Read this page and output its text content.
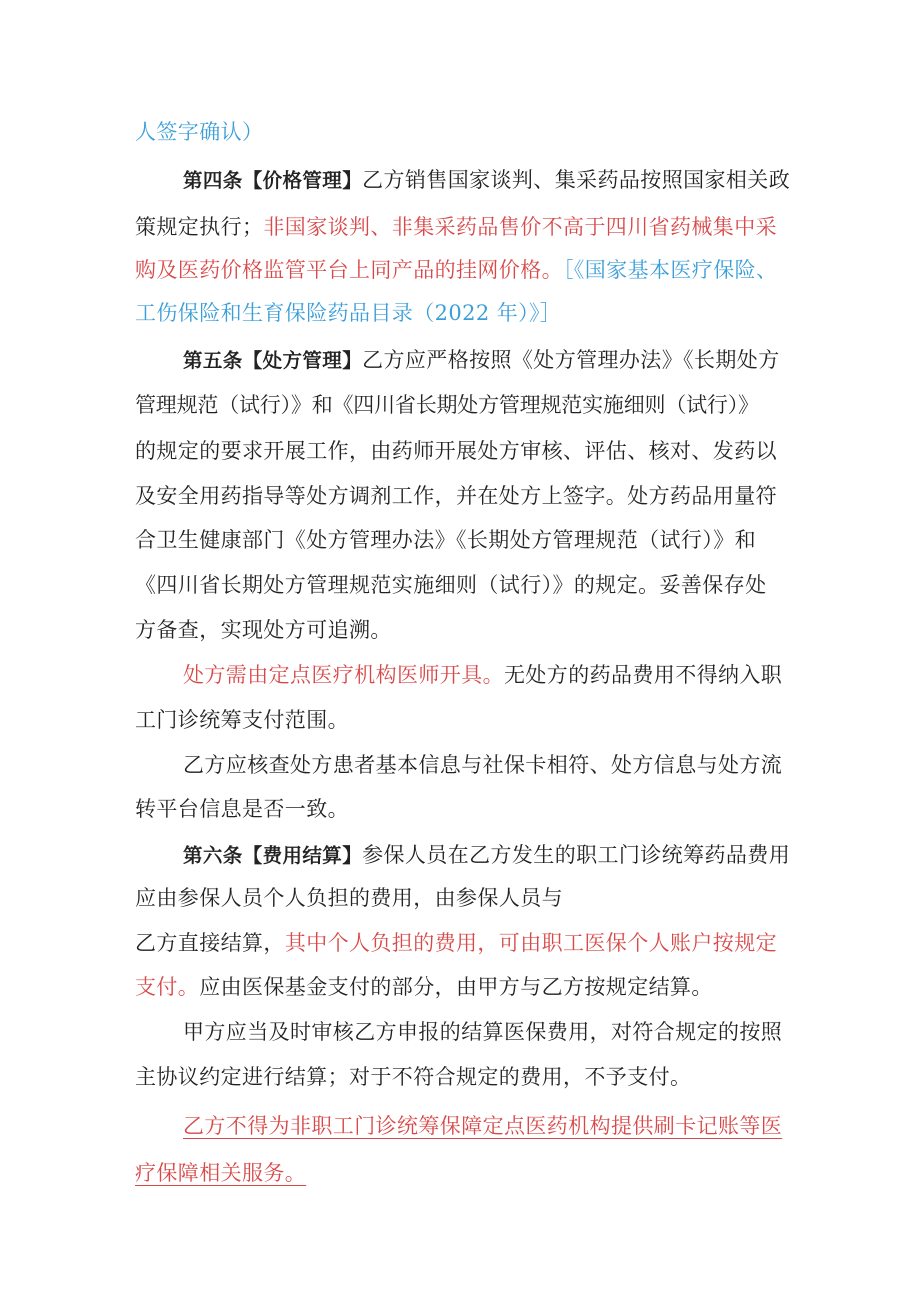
人签字确认）
第四条【价格管理】乙方销售国家谈判、集采药品按照国家相关政
策规定执行；非国家谈判、非集采药品售价不高于四川省药械集中采
购及医药价格监管平台上同产品的挂网价格。［《国家基本医疗保险、
工伤保险和生育保险药品目录（2022 年）》］
第五条【处方管理】乙方应严格按照《处方管理办法》《长期处方
管理规范（试行）》和《四川省长期处方管理规范实施细则（试行）》
的规定的要求开展工作，由药师开展处方审核、评估、核对、发药以
及安全用药指导等处方调剂工作，并在处方上签字。处方药品用量符
合卫生健康部门《处方管理办法》《长期处方管理规范（试行）》和
《四川省长期处方管理规范实施细则（试行）》的规定。妥善保存处
方备查，实现处方可追溯。
处方需由定点医疗机构医师开具。无处方的药品费用不得纳入职
工门诊统筹支付范围。
乙方应核查处方患者基本信息与社保卡相符、处方信息与处方流
转平台信息是否一致。
第六条【费用结算】参保人员在乙方发生的职工门诊统筹药品费用
应由参保人员个人负担的费用，由参保人员与
乙方直接结算，其中个人负担的费用，可由职工医保个人账户按规定
支付。应由医保基金支付的部分，由甲方与乙方按规定结算。
甲方应当及时审核乙方申报的结算医保费用，对符合规定的按照
主协议约定进行结算；对于不符合规定的费用，不予支付。
乙方不得为非职工门诊统筹保障定点医药机构提供刷卡记账等医
疗保障相关服务。
